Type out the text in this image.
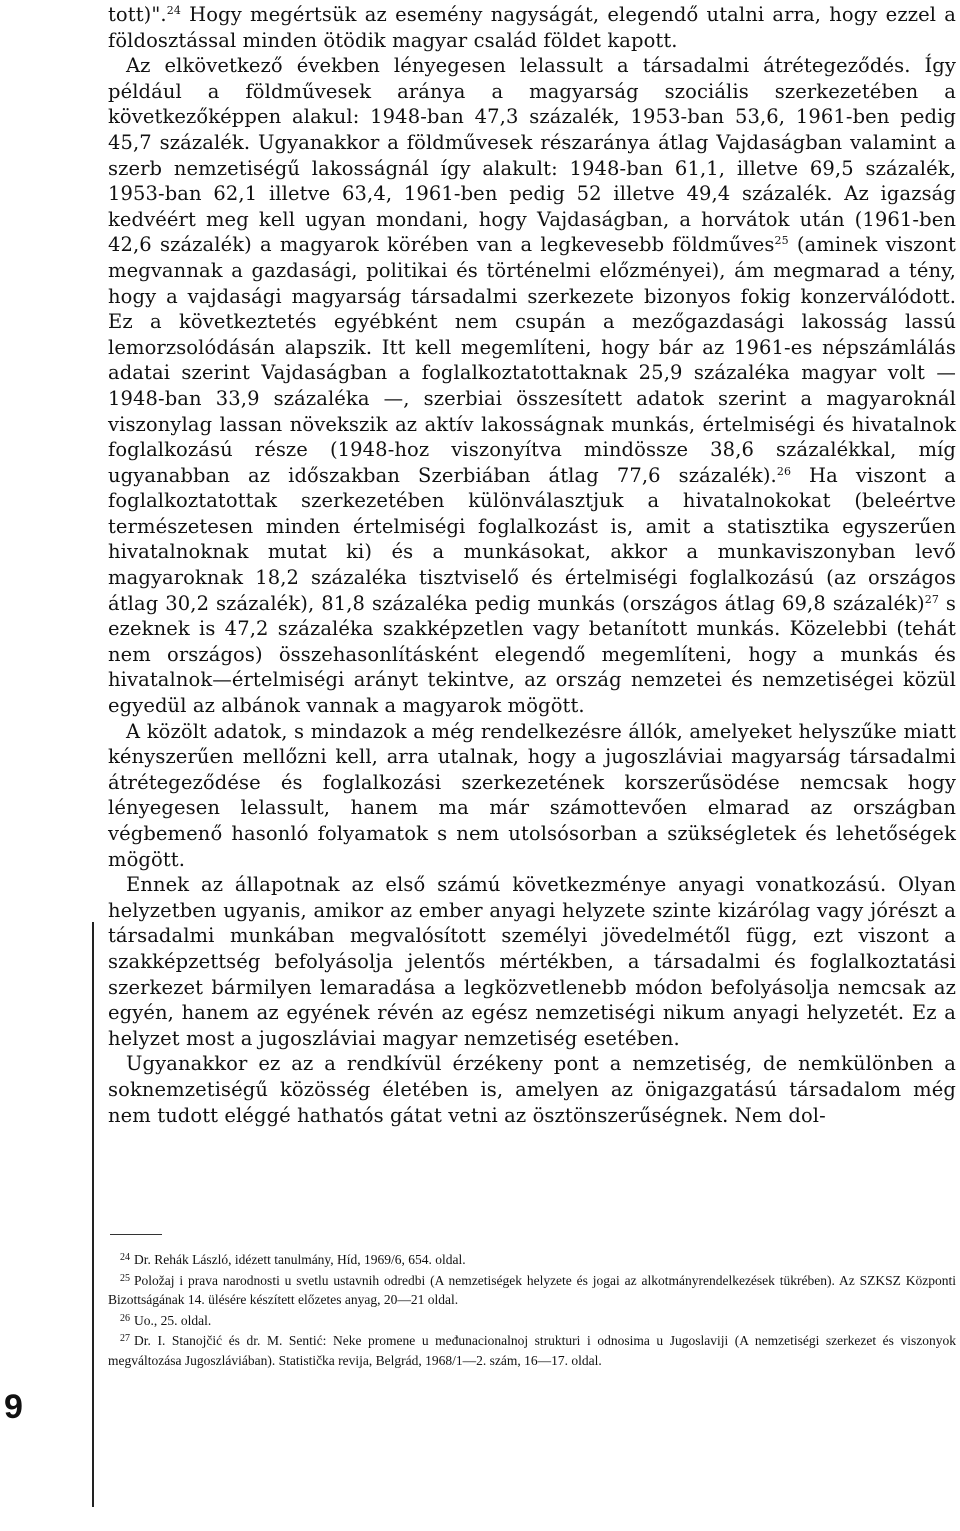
tott)".$^{24}$ Hogy megértsük az esemény nagyságát, elegendő utalni arra, hogy ezzel a földosztással minden ötödik magyar család földet kapott.

Az elkövetkező években lényegesen lelassult a társadalmi átrétegeződés. Így például a földművesek aránya a magyarság szociális szerkezetében a következőképpen alakul: 1948-ban 47,3 százalék, 1953-ban 53,6, 1961-ben pedig 45,7 százalék. Ugyanakkor a földművesek részaránya átlag Vajdaságban valamint a szerb nemzetiségű lakosságnál így alakult: 1948-ban 61,1, illetve 69,5 százalék, 1953-ban 62,1 illetve 63,4, 1961-ben pedig 52 illetve 49,4 százalék. Az igazság kedvéért meg kell ugyan mondani, hogy Vajdaságban, a horvátok után (1961-ben 42,6 százalék) a magyarok körében van a legkevesebb földműves$^{25}$ (aminek viszont megvannak a gazdasági, politikai és történelmi előzményei), ám megmarad a tény, hogy a vajdasági magyarság társadalmi szerkezete bizonyos fokig konzerválódott. Ez a következtetés egyébként nem csupán a mezőgazdasági lakosság lassú lemorzsolódásán alapszik. Itt kell megemlíteni, hogy bár az 1961-es népszámlálás adatai szerint Vajdaságban a foglalkoztatottaknak 25,9 százaléka magyar volt — 1948-ban 33,9 százaléka —, szerbiai összesített adatok szerint a magyaroknál viszonylag lassan növekszik az aktív lakosságnak munkás, értelmiségi és hivatalnok foglalkozású része (1948-hoz viszonyítva mindössze 38,6 százalékkal, míg ugyanabban az időszakban Szerbiában átlag 77,6 százalék).$^{26}$ Ha viszont a foglalkoztatottak szerkezetében különválasztjuk a hivatalnokokat (beleértve természetesen minden értelmiségi foglalkozást is, amit a statisztika egyszerűen hivatalnoknak mutat ki) és a munkásokat, akkor a munkaviszonyban levő magyaroknak 18,2 százaléka tisztviselő és értelmiségi foglalkozású (az országos átlag 30,2 százalék), 81,8 százaléka pedig munkás (országos átlag 69,8 százalék)$^{27}$ s ezeknek is 47,2 százaléka szakképzetlen vagy betanított munkás. Közelebbi (tehát nem országos) összehasonlításként elegendő megemlíteni, hogy a munkás és hivatalnok—értelmiségi arányt tekintve, az ország nemzetei és nemzetiségei közül egyedül az albánok vannak a magyarok mögött.

A közölt adatok, s mindazok a még rendelkezésre állók, amelyeket helyszűke miatt kényszerűen mellőzni kell, arra utalnak, hogy a jugoszláviai magyarság társadalmi átrétegeződése és foglalkozási szerkezetének korszerűsödése nemcsak hogy lényegesen lelassult, hanem ma már számottevően elmarad az országban végbemenő hasonló folyamatok s nem utolsósorban a szükségletek és lehetőségek mögött.

Ennek az állapotnak az első számú következménye anyagi vonatkozású. Olyan helyzetben ugyanis, amikor az ember anyagi helyzete szinte kizárólag vagy jórészt a társadalmi munkában megvalósított személyi jövedelmétől függ, ezt viszont a szakképzettség befolyásolja jelentős mértékben, a társadalmi és foglalkoztatási szerkezet bármilyen lemaradása a legközvetlenebb módon befolyásolja nemcsak az egyén, hanem az egyének révén az egész nemzetiségi nikum anyagi helyzetét. Ez a helyzet most a jugoszláviai magyar nemzetiség esetében.

Ugyanakkor ez az a rendkívül érzékeny pont a nemzetiség, de nemkülönben a soknemzetiségű közösség életében is, amelyen az önigazgatású társadalom még nem tudott eléggé hathatós gátat vetni az ösztönszerűségnek. Nem dol-

$^{24}$ Dr. Rehák László, idézett tanulmány, Híd, 1969/6, 654. oldal.
$^{25}$ Položaj i prava narodnosti u svetlu ustavnih odredbi (A nemzetiségek helyzete és jogai az alkotmányrendelkezések tükrében). Az SZKSZ Központi Bizottságának 14. ülésére készített előzetes anyag, 20—21 oldal.
$^{26}$ Uo., 25. oldal.
$^{27}$ Dr. I. Stanojčić és dr. M. Sentić: Neke promene u međunacionalnoj strukturi i odnosima u Jugoslaviji (A nemzetiségi szerkezet és viszonyok megváltozása Jugoszláviában). Statistička revija, Belgrád, 1968/1—2. szám, 16—17. oldal.
9
